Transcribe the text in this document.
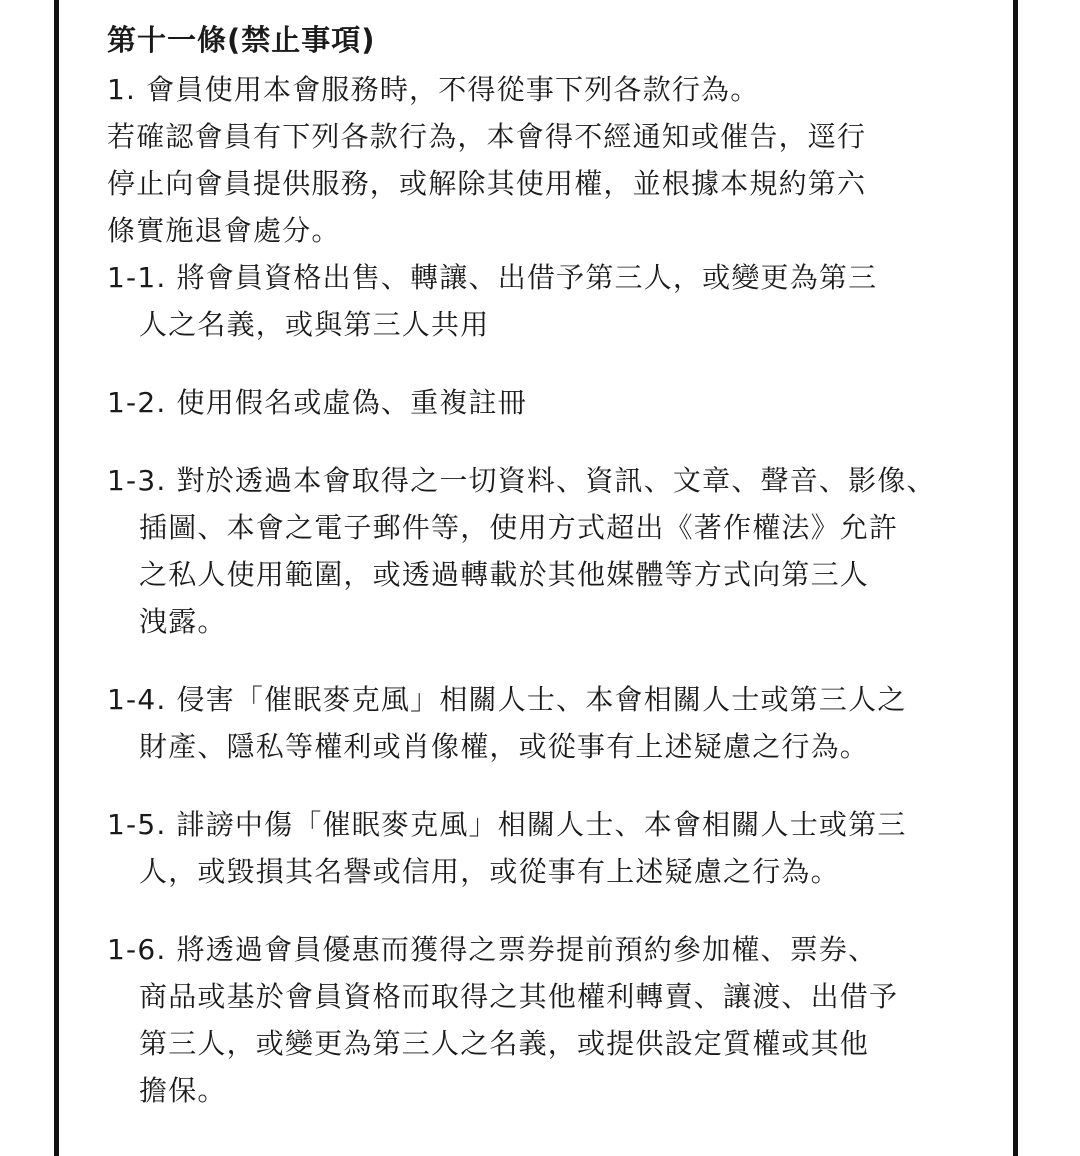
第十一條(禁止事項)

1. 會員使用本會服務時，不得從事下列各款行為。
若確認會員有下列各款行為，本會得不經通知或催告，逕行
停止向會員提供服務，或解除其使用權，並根據本規約第六
條實施退會處分。

1-1. 將會員資格出售、轉讓、出借予第三人，或變更為第三
人之名義，或與第三人共用
1-2. 使用假名或虛偽、重複註冊
1-3. 對於透過本會取得之一切資料、資訊、文章、聲音、影像、
插圖、本會之電子郵件等，使用方式超出《著作權法》允許
之私人使用範圍，或透過轉載於其他媒體等方式向第三人
洩露。
1-4. 侵害「催眠麥克風」相關人士、本會相關人士或第三人之
財產、隱私等權利或肖像權，或從事有上述疑慮之行為。
1-5. 誹謗中傷「催眠麥克風」相關人士、本會相關人士或第三
人，或毀損其名譽或信用，或從事有上述疑慮之行為。
1-6. 將透過會員優惠而獲得之票券提前預約參加權、票券、
商品或基於會員資格而取得之其他權利轉賣、讓渡、出借予
第三人，或變更為第三人之名義，或提供設定質權或其他
擔保。
